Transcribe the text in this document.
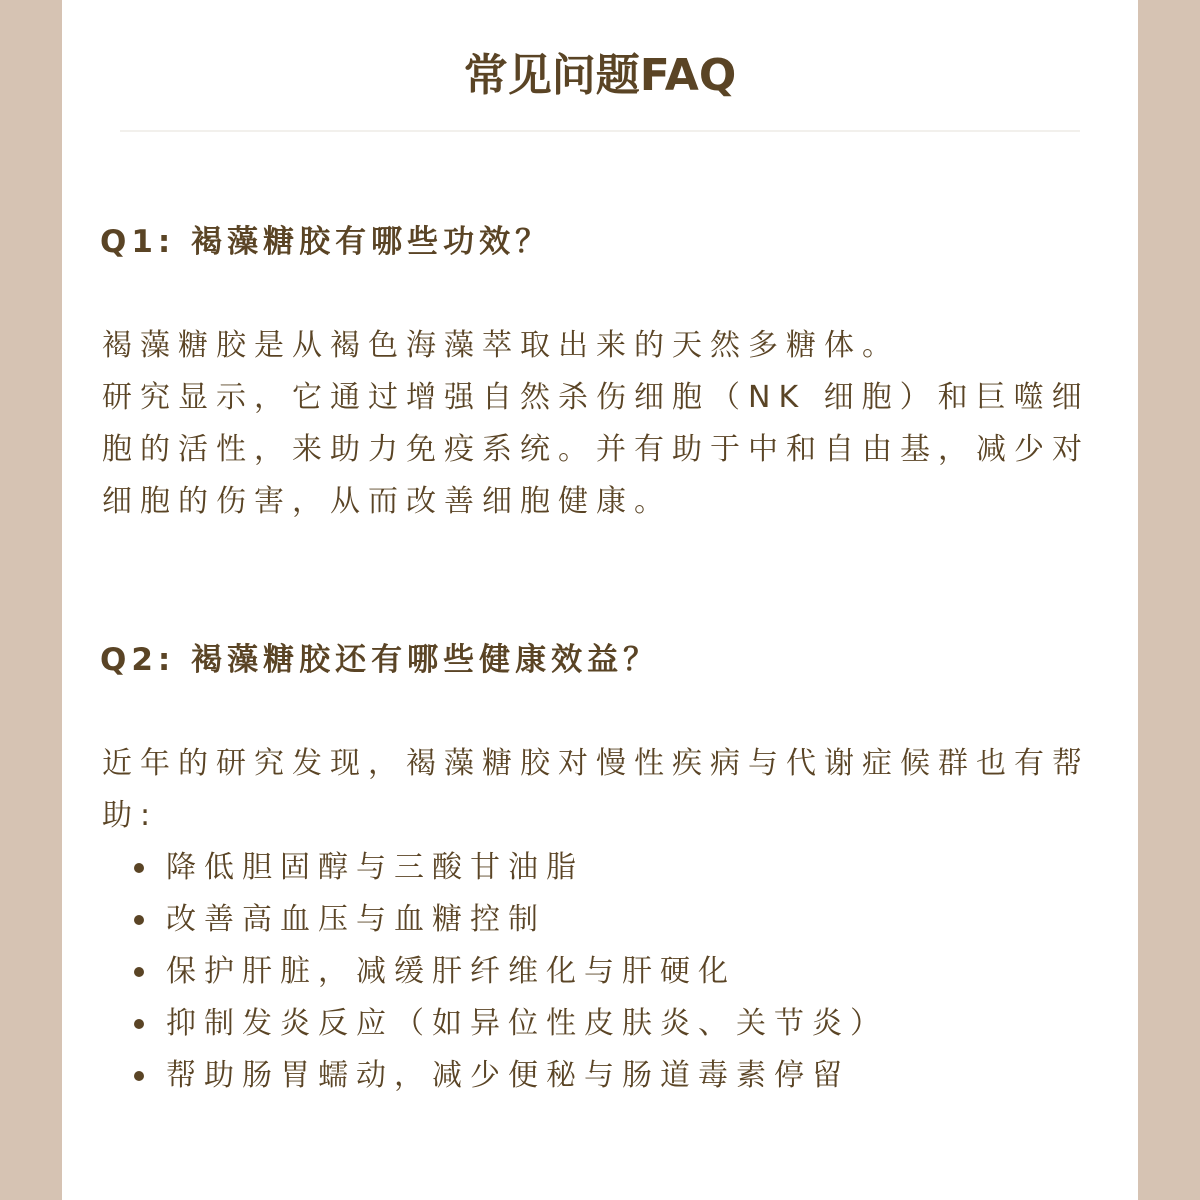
常见问题FAQ
Q1: 褐藻糖胶有哪些功效？

褐藻糖胶是从褐色海藻萃取出来的天然多糖体。

研究显示，它通过增强自然杀伤细胞（NK 细胞）和巨噬细胞的活性，来助力免疫系统。并有助于中和自由基，减少对细胞的伤害，从而改善细胞健康。

Q2: 褐藻糖胶还有哪些健康效益？

近年的研究发现，褐藻糖胶对慢性疾病与代谢症候群也有帮助:

降低胆固醇与三酸甘油脂
改善高血压与血糖控制
保护肝脏，减缓肝纤维化与肝硬化
抑制发炎反应（如异位性皮肤炎、关节炎）
帮助肠胃蠕动，减少便秘与肠道毒素停留
